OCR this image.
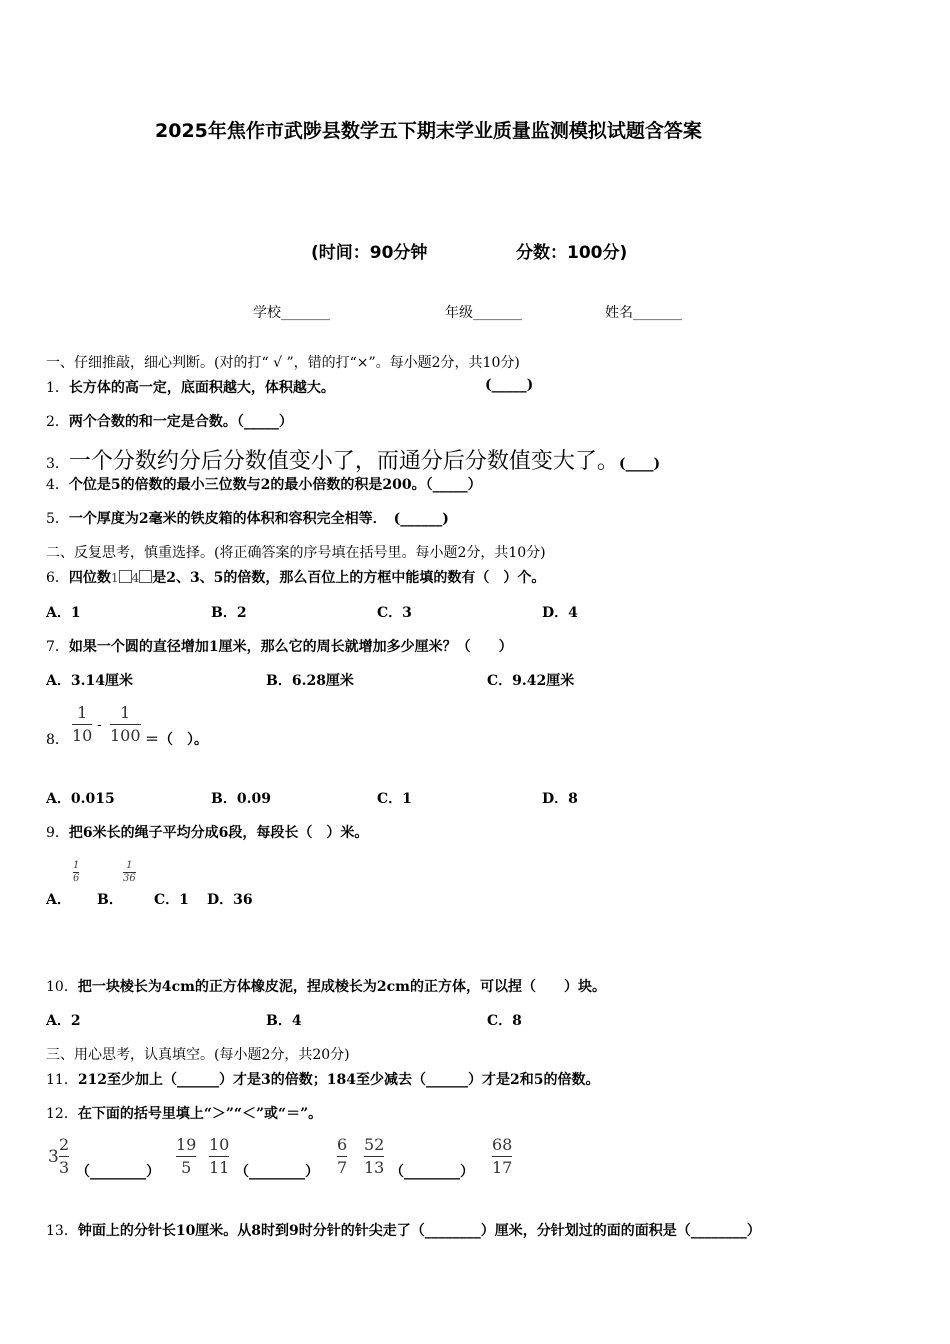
2025年焦作市武陟县数学五下期末学业质量监测模拟试题含答案
(时间：90分钟	分数：100分)
学校_______	年级_______	姓名_______
一、仔细推敲，细心判断。(对的打“ √ ”，错的打“×”。每小题2分，共10分)
1．长方体的高一定，底面积越大，体积越大。	(_____)
2．两个合数的和一定是合数。（_____）
3．一个分数约分后分数值变小了，而通分后分数值变大了。(____)
4．个位是5的倍数的最小三位数与2的最小倍数的积是200。（_____）
5．一个厚度为2毫米的铁皮箱的体积和容积完全相等．　(______)
二、反复思考，慎重选择。(将正确答案的序号填在括号里。每小题2分，共10分)
6．四位数1 4 是2、3、5的倍数，那么百位上的方框中能填的数有（　）个。
A．1	B．2	C．3	D．4
7．如果一个圆的直径增加1厘米，那么它的周长就增加多少厘米？（　　）
A．3.14厘米	B．6.28厘米	C．9.42厘米
8．
1
10
-
1
100 ＝（　）。
A．0.015	B．0.09	C．1	D．8
9．把6米长的绳子平均分成6段，每段长（　）米。
A．
1
6
B．
1
36
C．1 D．36
10．把一块棱长为4cm的正方体橡皮泥，捏成棱长为2cm的正方体，可以捏（　　）块。
A．2	B．4	C．8
三、用心思考，认真填空。(每小题2分，共20分)
11．212至少加上（______）才是3的倍数；184至少减去（______）才是2和5的倍数。
12．在下面的括号里填上“＞”“＜”或“＝”。
3
2
3 （________）
19
5
10
11 （________）
6
7
52
13 （________）
68
17
13．钟面上的分针长10厘米。从8时到9时分针的针尖走了（________）厘米，分针划过的面的面积是（________）
